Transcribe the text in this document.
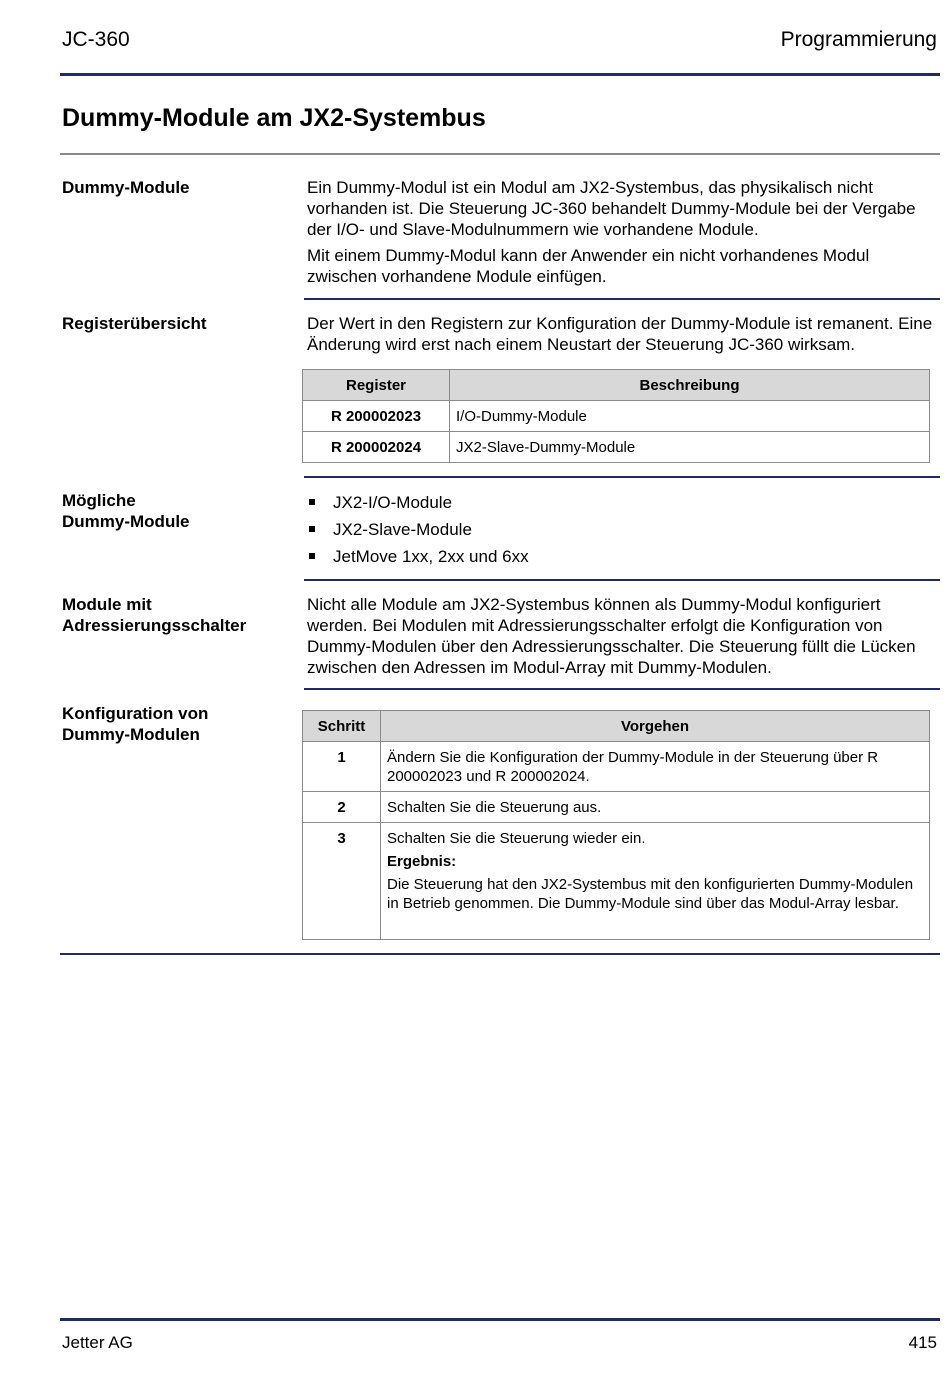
JC-360	Programmierung
Dummy-Module am JX2-Systembus
Dummy-Module	Ein Dummy-Modul ist ein Modul am JX2-Systembus, das physikalisch nicht vorhanden ist. Die Steuerung JC-360 behandelt Dummy-Module bei der Vergabe der I/O- und Slave-Modulnummern wie vorhandene Module.

Mit einem Dummy-Modul kann der Anwender ein nicht vorhandenes Modul zwischen vorhandene Module einfügen.

Registerübersicht	Der Wert in den Registern zur Konfiguration der Dummy-Module ist remanent. Eine Änderung wird erst nach einem Neustart der Steuerung JC-360 wirksam.
Register	Beschreibung
R 200002023	I/O-Dummy-Module
R 200002024	JX2-Slave-Dummy-Module
Mögliche
Dummy-Module
JX2-I/O-Module
JX2-Slave-Module
JetMove 1xx, 2xx und 6xx
Module mit
Adressierungsschalter
Nicht alle Module am JX2-Systembus können als Dummy-Modul konfiguriert werden. Bei Modulen mit Adressierungsschalter erfolgt die Konfiguration von Dummy-Modulen über den Adressierungsschalter. Die Steuerung füllt die Lücken zwischen den Adressen im Modul-Array mit Dummy-Modulen.
Konfiguration von
Dummy-Modulen	Schritt	Vorgehen
1	Ändern Sie die Konfiguration der Dummy-Module in der Steuerung über R 200002023 und R 200002024.
2	Schalten Sie die Steuerung aus.
3	Schalten Sie die Steuerung wieder ein.

Ergebnis:

Die Steuerung hat den JX2-Systembus mit den konfigurierten Dummy-Modulen in Betrieb genommen. Die Dummy-Module sind über das Modul-Array lesbar.

Jetter AG	415
